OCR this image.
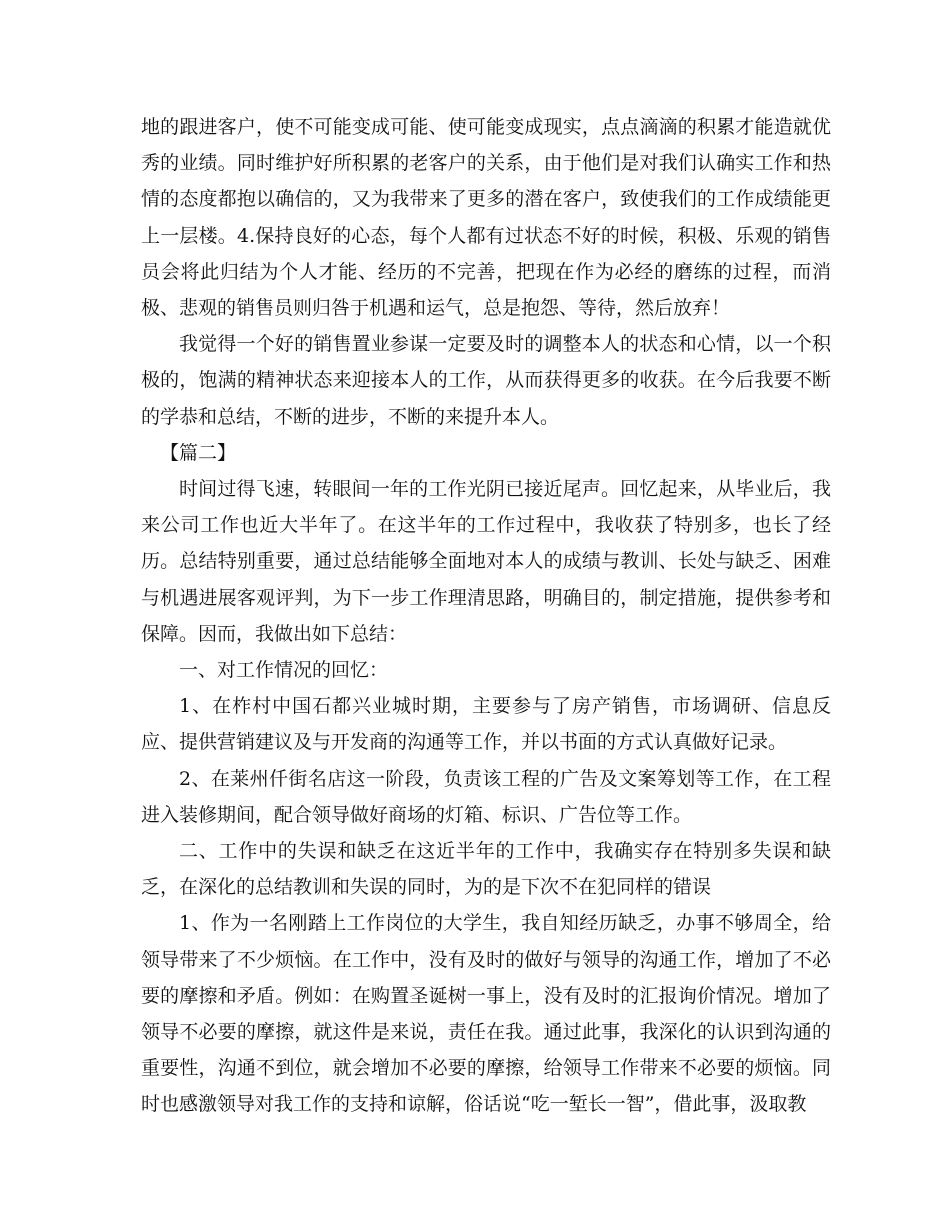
地的跟进客户，使不可能变成可能、使可能变成现实，点点滴滴的积累才能造就优秀的业绩。同时维护好所积累的老客户的关系，由于他们是对我们认确实工作和热情的态度都抱以确信的，又为我带来了更多的潜在客户，致使我们的工作成绩能更上一层楼。4.保持良好的心态，每个人都有过状态不好的时候，积极、乐观的销售员会将此归结为个人才能、经历的不完善，把现在作为必经的磨练的过程，而消极、悲观的销售员则归咎于机遇和运气，总是抱怨、等待，然后放弃！

我觉得一个好的销售置业参谋一定要及时的调整本人的状态和心情，以一个积极的，饱满的精神状态来迎接本人的工作，从而获得更多的收获。在今后我要不断的学恭和总结，不断的进步，不断的来提升本人。

【篇二】

时间过得飞速，转眼间一年的工作光阴已接近尾声。回忆起来，从毕业后，我来公司工作也近大半年了。在这半年的工作过程中，我收获了特别多，也长了经历。总结特别重要，通过总结能够全面地对本人的成绩与教训、长处与缺乏、困难与机遇进展客观评判，为下一步工作理清思路，明确目的，制定措施，提供参考和保障。因而，我做出如下总结：

一、对工作情况的回忆：

1、在柞村中国石都兴业城时期，主要参与了房产销售，市场调研、信息反应、提供营销建议及与开发商的沟通等工作，并以书面的方式认真做好记录。

2、在莱州仟街名店这一阶段，负责该工程的广告及文案筹划等工作，在工程进入装修期间，配合领导做好商场的灯箱、标识、广告位等工作。

二、工作中的失误和缺乏在这近半年的工作中，我确实存在特别多失误和缺乏，在深化的总结教训和失误的同时，为的是下次不在犯同样的错误

1、作为一名刚踏上工作岗位的大学生，我自知经历缺乏，办事不够周全，给领导带来了不少烦恼。在工作中，没有及时的做好与领导的沟通工作，增加了不必要的摩擦和矛盾。例如：在购置圣诞树一事上，没有及时的汇报询价情况。增加了领导不必要的摩擦，就这件是来说，责任在我。通过此事，我深化的认识到沟通的重要性，沟通不到位，就会增加不必要的摩擦，给领导工作带来不必要的烦恼。同时也感激领导对我工作的支持和谅解，俗话说“吃一堑长一智”，借此事，汲取教
